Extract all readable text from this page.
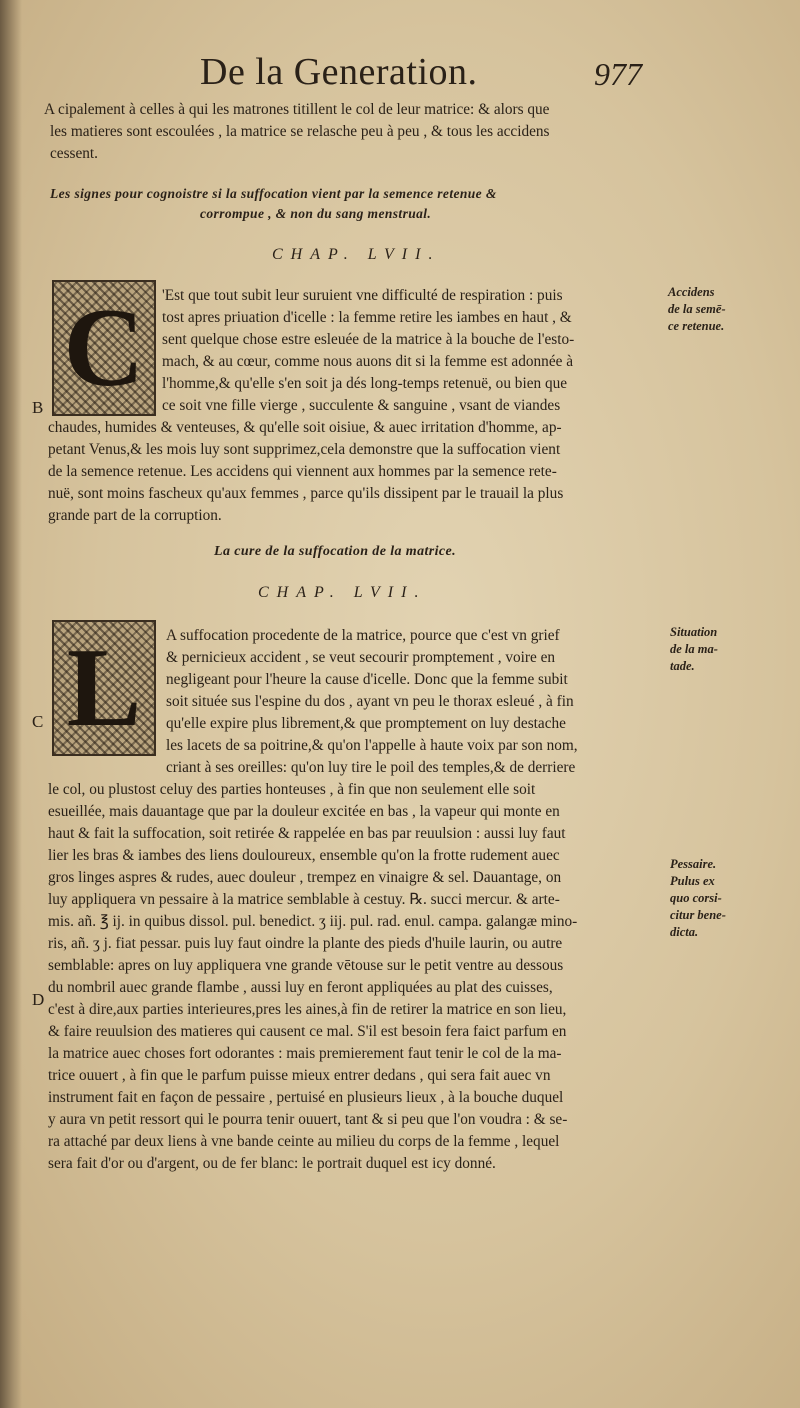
De la Generation.	977
A cipalement à celles à qui les matrones titillent le col de leur matrice: & alors que
les matieres sont escoulées , la matrice se relasche peu à peu , & tous les accidens
cessent.
Les signes pour cognoistre si la suffocation vient par la semence retenue &
corrompue , & non du sang menstrual.
CHAP. LVII.
C
B
'Est que tout subit leur suruient vne difficulté de respiration : puis
tost apres priuation d'icelle : la femme retire les iambes en haut , &
sent quelque chose estre esleuée de la matrice à la bouche de l'esto-
mach, & au cœur, comme nous auons dit si la femme est adonnée à
l'homme,& qu'elle s'en soit ja dés long-temps retenuë, ou bien que
ce soit vne fille vierge , succulente & sanguine , vsant de viandes
chaudes, humides & venteuses, & qu'elle soit oisiue, & auec irritation d'homme, ap-
petant Venus,& les mois luy sont supprimez,cela demonstre que la suffocation vient
de la semence retenue. Les accidens qui viennent aux hommes par la semence rete-
nuë, sont moins fascheux qu'aux femmes , parce qu'ils dissipent par le trauail la plus
grande part de la corruption.
Accidens
de la semē-
ce retenue.
La cure de la suffocation de la matrice.
CHAP. LVII.
L
C
D
A suffocation procedente de la matrice, pource que c'est vn grief
& pernicieux accident , se veut secourir promptement , voire en
negligeant pour l'heure la cause d'icelle. Donc que la femme subit
soit située sus l'espine du dos , ayant vn peu le thorax esleué , à fin
qu'elle expire plus librement,& que promptement on luy destache
les lacets de sa poitrine,& qu'on l'appelle à haute voix par son nom,
criant à ses oreilles: qu'on luy tire le poil des temples,& de derriere
le col, ou plustost celuy des parties honteuses , à fin que non seulement elle soit
esueillée, mais dauantage que par la douleur excitée en bas , la vapeur qui monte en
haut & fait la suffocation, soit retirée & rappelée en bas par reuulsion : aussi luy faut
lier les bras & iambes des liens douloureux, ensemble qu'on la frotte rudement auec
gros linges aspres & rudes, auec douleur , trempez en vinaigre & sel. Dauantage, on
luy appliquera vn pessaire à la matrice semblable à cestuy. ℞. succi mercur. & arte-
mis. añ. ℥ ij. in quibus dissol. pul. benedict. ʒ iij. pul. rad. enul. campa. galangæ mino-
ris, añ. ʒ j. fiat pessar. puis luy faut oindre la plante des pieds d'huile laurin, ou autre
semblable: apres on luy appliquera vne grande vētouse sur le petit ventre au dessous
du nombril auec grande flambe , aussi luy en feront appliquées au plat des cuisses,
c'est à dire,aux parties interieures,pres les aines,à fin de retirer la matrice en son lieu,
& faire reuulsion des matieres qui causent ce mal. S'il est besoin fera faict parfum en
la matrice auec choses fort odorantes : mais premierement faut tenir le col de la ma-
trice ouuert , à fin que le parfum puisse mieux entrer dedans , qui sera fait auec vn
instrument fait en façon de pessaire , pertuisé en plusieurs lieux , à la bouche duquel
y aura vn petit ressort qui le pourra tenir ouuert, tant & si peu que l'on voudra : & se-
ra attaché par deux liens à vne bande ceinte au milieu du corps de la femme , lequel
sera fait d'or ou d'argent, ou de fer blanc: le portrait duquel est icy donné.
Situation
de la ma-
tade.
Pessaire.
Pulus ex
quo corsi-
citur bene-
dicta.
